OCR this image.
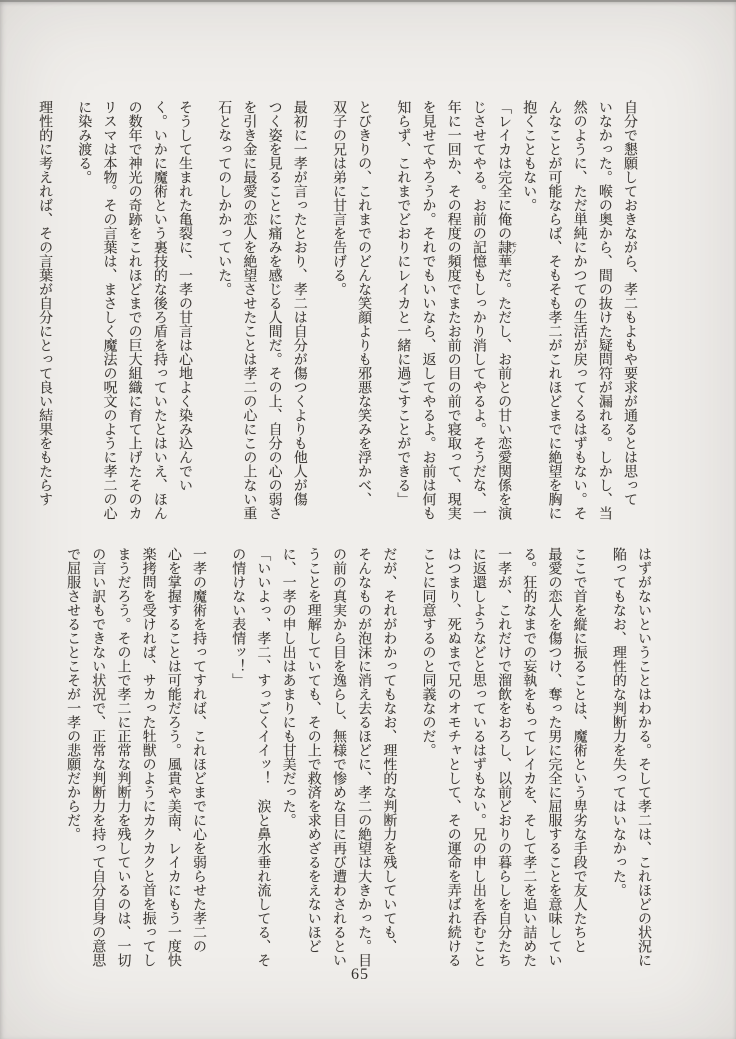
自分で懇願しておきながら、孝二もよもや要求が通るとは思って
いなかった。喉の奥から、間の抜けた疑問符が漏れる。しかし、当
然のように、ただ単純にかつての生活が戻ってくるはずもない。そ
んなことが可能ならば、そもそも孝二がこれほどまでに絶望を胸に
抱くこともない。
「レイカは完全に俺の隷華
モノ
だ。ただし、お前との甘い恋愛関係を演
じさせてやる。お前の記憶もしっかり消してやるよ。そうだな、一
年に一回か、その程度の頻度でまたお前の目の前で寝取って、現実
を見せてやろうか。それでもいいなら、返してやるよ。お前は何も
知らず、これまでどおりにレイカと一緒に過ごすことができる」
とびきりの、これまでのどんな笑顔よりも邪悪な笑みを浮かべ、
双子の兄は弟に甘言を告げる。
最初に一孝が言ったとおり、孝二は自分が傷つくよりも他人が傷
つく姿を見ることに痛みを感じる人間だ。その上、自分の心の弱さ
を引き金に最愛の恋人を絶望させたことは孝二の心にこの上ない重
石となってのしかかっていた。
そうして生まれた亀裂に、一孝の甘言は心地よく染み込んでい
く。いかに魔術という裏技的な後ろ盾を持っていたとはいえ、ほん
の数年で神光の奇跡をこれほどまでの巨大組織に育て上げたそのカ
リスマは本物。その言葉は、まさしく魔法の呪文のように孝二の心
に染み渡る。
理性的に考えれば、その言葉が自分にとって良い結果をもたらす
はずがないということはわかる。そして孝二は、これほどの状況に
陥ってもなお、理性的な判断力を失ってはいなかった。
ここで首を縦に振ることは、魔術という卑劣な手段で友人たちと
最愛の恋人を傷つけ、奪った男に完全に屈服することを意味してい
る。狂的なまでの妄執をもってレイカを、そして孝二を追い詰めた
一孝が、これだけで溜飲をおろし、以前どおりの暮らしを自分たち
に返還しようなどと思っているはずもない。兄の申し出を呑むこと
はつまり、死ぬまで兄のオモチャとして、その運命を弄ばれ続ける
ことに同意するのと同義なのだ。
だが、それがわかってもなお、理性的な判断力を残していても、
そんなものが泡沫に消え去るほどに、孝二の絶望は大きかった。目
の前の真実から目を逸らし、無様で惨めな目に再び遭わされるとい
うことを理解していても、その上で救済を求めざるをえないほど
に、一孝の申し出はあまりにも甘美だった。
「いいよっ、孝二、すっごくイイッ！　涙と鼻水垂れ流してる、そ
の情けない表情ッ！」
一孝の魔術を持ってすれば、これほどまでに心を弱らせた孝二の
心を掌握することは可能だろう。風貴や美南、レイカにもう一度快
楽拷問を受ければ、サカった牡獣のようにカクカクと首を振ってし
まうだろう。その上で孝二に正常な判断力を残しているのは、一切
の言い訳もできない状況で、正常な判断力を持って自分自身の意思
で屈服させることこそが一孝の悲願だからだ。
65
